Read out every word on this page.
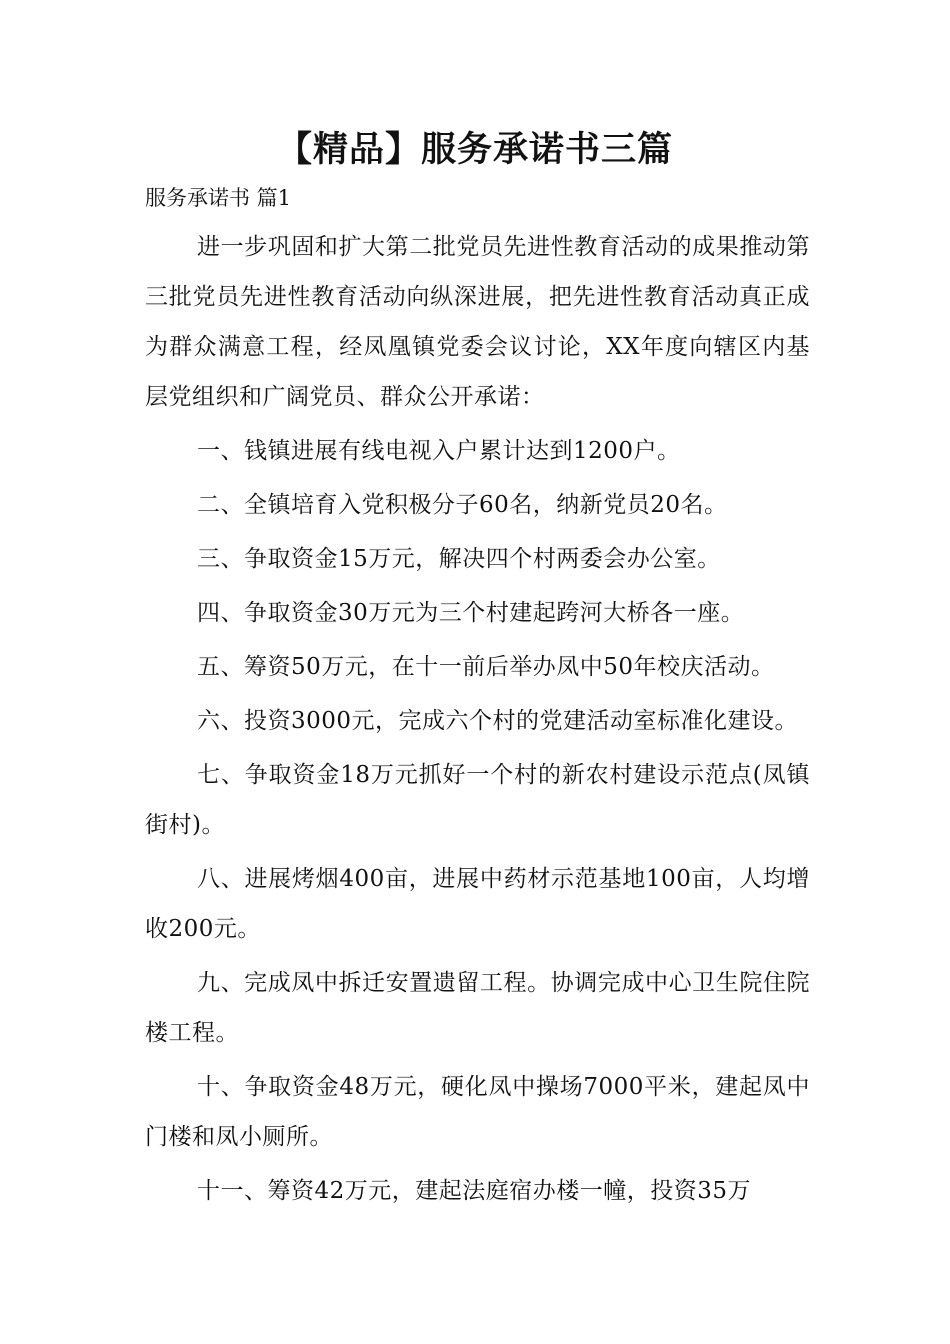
【精品】服务承诺书三篇

服务承诺书 篇1

进一步巩固和扩大第二批党员先进性教育活动的成果推动第三批党员先进性教育活动向纵深进展，把先进性教育活动真正成为群众满意工程，经凤凰镇党委会议讨论，XX年度向辖区内基层党组织和广阔党员、群众公开承诺：

一、钱镇进展有线电视入户累计达到1200户。

二、全镇培育入党积极分子60名，纳新党员20名。

三、争取资金15万元，解决四个村两委会办公室。

四、争取资金30万元为三个村建起跨河大桥各一座。

五、筹资50万元，在十一前后举办凤中50年校庆活动。

六、投资3000元，完成六个村的党建活动室标准化建设。

七、争取资金18万元抓好一个村的新农村建设示范点(凤镇街村)。

八、进展烤烟400亩，进展中药材示范基地100亩，人均增收200元。

九、完成凤中拆迁安置遗留工程。协调完成中心卫生院住院楼工程。

十、争取资金48万元，硬化凤中操场7000平米，建起凤中门楼和凤小厕所。

十一、筹资42万元，建起法庭宿办楼一幢，投资35万
